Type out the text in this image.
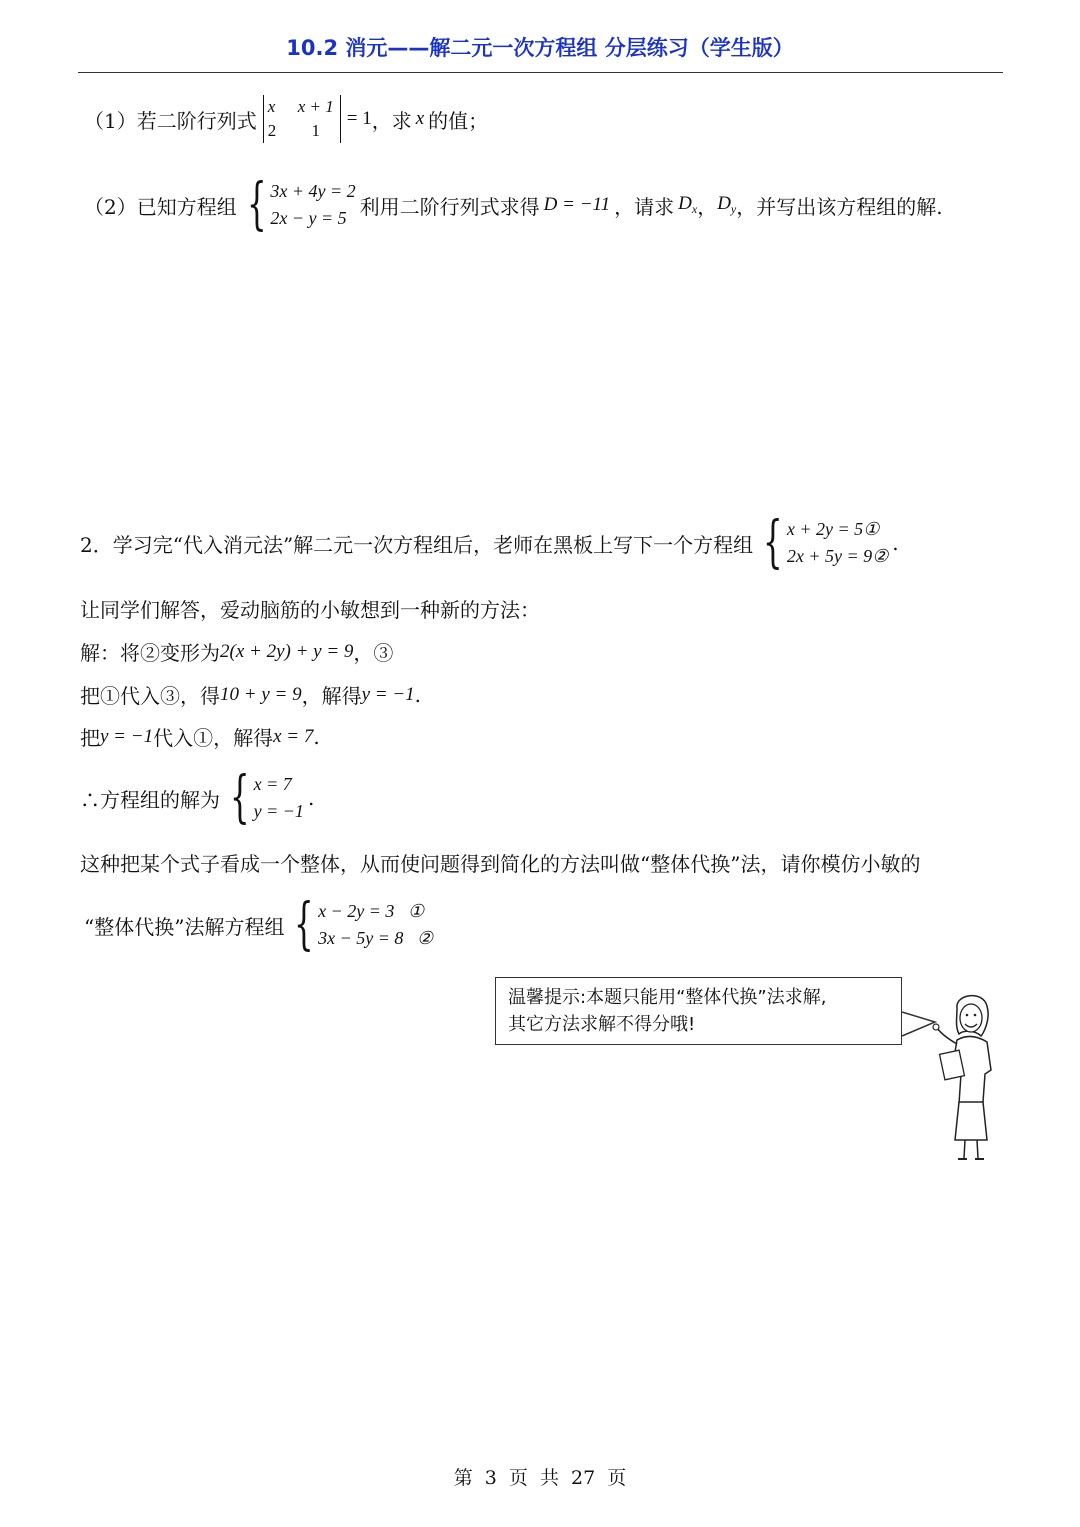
10.2 消元——解二元一次方程组 分层练习（学生版）
（1）若二阶行列式
x x + 1
2	1
= 1 ，求 x 的值；
（2）已知方程组 { 3x + 4y = 2
2x − y = 5 利用二阶行列式求得 D = −11 ，请求 $D_x$ ， $D_y$ ，并写出该方程组的解.
2．学习完“代入消元法”解二元一次方程组后，老师在黑板上写下一个方程组 { x + 2y = 5①
2x + 5y = 9②
.
让同学们解答，爱动脑筋的小敏想到一种新的方法：
解：将②变形为 2(x + 2y) + y = 9 ，③
把①代入③，得 10 + y = 9 ，解得 y = −1 .
把 y = −1 代入①，解得 x = 7 .
∴方程组的解为 { x = 7
y = −1
.
这种把某个式子看成一个整体，从而使问题得到简化的方法叫做“整体代换”法，请你模仿小敏的
“整体代换”法解方程组 { x − 2y = 3   ①
3x − 5y = 8   ②
温馨提示:本题只能用“整体代换”法求解,
其它方法求解不得分哦!
第 3 页 共 27 页
